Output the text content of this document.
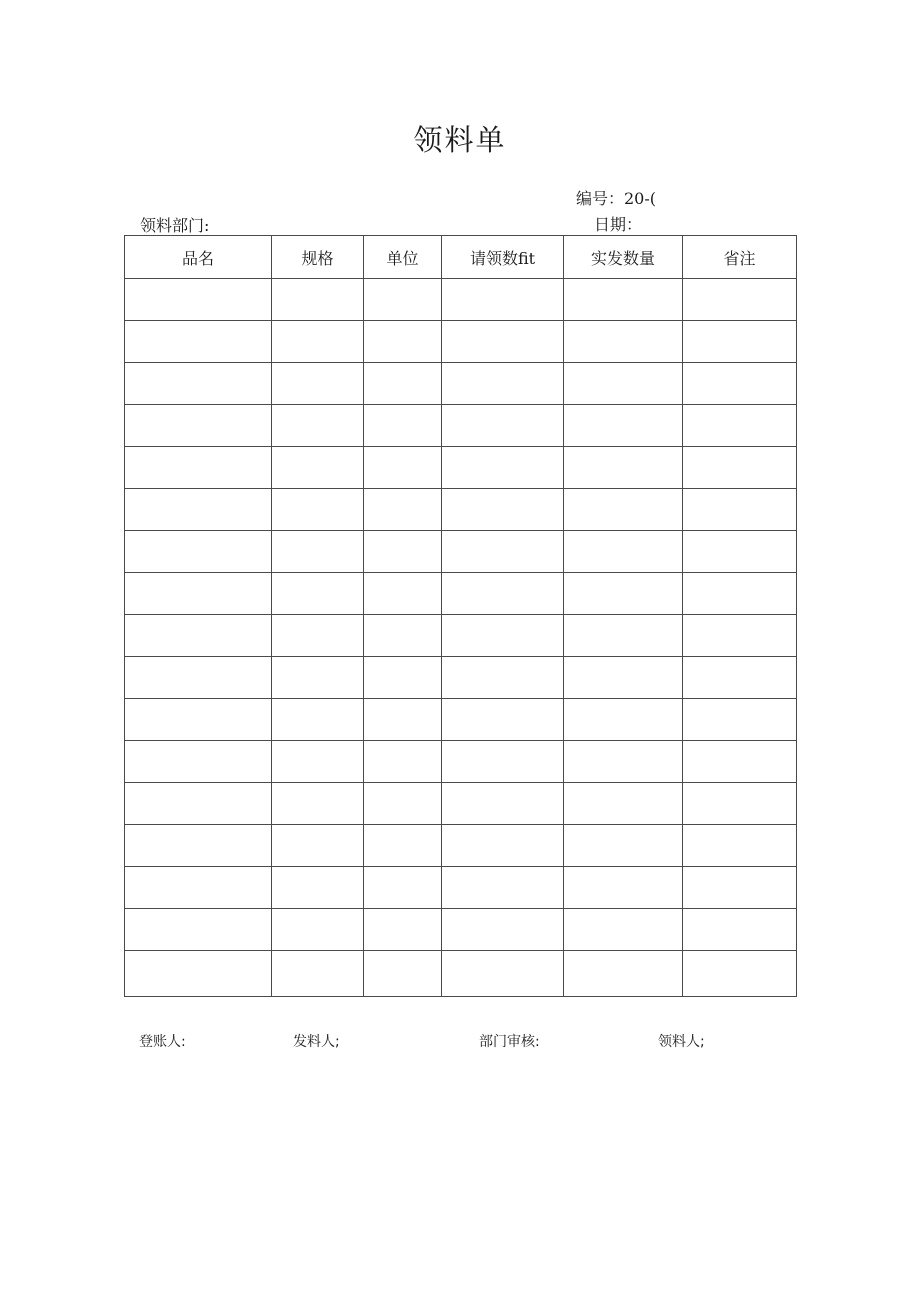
领料单
编号：20-(
日期：
领料部门:
品名	规格	单位	请领数fit	实发数量	省注

登账人:	发料人;	部门审核:	领料人;
